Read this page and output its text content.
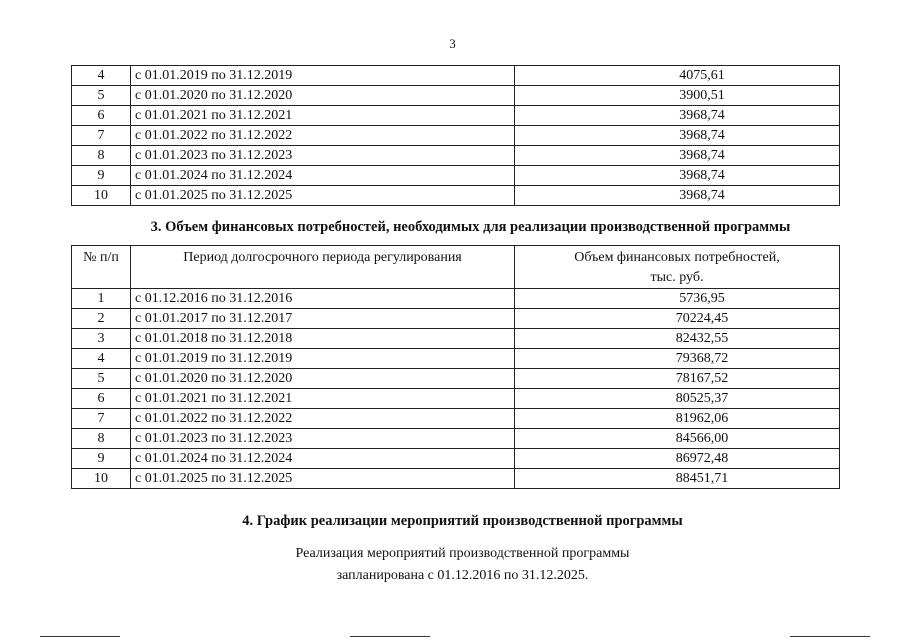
3
4	с 01.01.2019 по 31.12.2019	4075,61
5	с 01.01.2020 по 31.12.2020	3900,51
6	с 01.01.2021 по 31.12.2021	3968,74
7	с 01.01.2022 по 31.12.2022	3968,74
8	с 01.01.2023 по 31.12.2023	3968,74
9	с 01.01.2024 по 31.12.2024	3968,74
10	с 01.01.2025 по 31.12.2025	3968,74
3. Объем финансовых потребностей, необходимых для реализации производственной программы
№ п/п	Период долгосрочного периода регулирования	Объем финансовых потребностей,
тыс. руб.
1	с 01.12.2016 по 31.12.2016	5736,95
2	с 01.01.2017 по 31.12.2017	70224,45
3	с 01.01.2018 по 31.12.2018	82432,55
4	с 01.01.2019 по 31.12.2019	79368,72
5	с 01.01.2020 по 31.12.2020	78167,52
6	с 01.01.2021 по 31.12.2021	80525,37
7	с 01.01.2022 по 31.12.2022	81962,06
8	с 01.01.2023 по 31.12.2023	84566,00
9	с 01.01.2024 по 31.12.2024	86972,48
10	с 01.01.2025 по 31.12.2025	88451,71
4. График реализации мероприятий производственной программы
Реализация мероприятий производственной программы
запланирована с 01.12.2016 по 31.12.2025.
